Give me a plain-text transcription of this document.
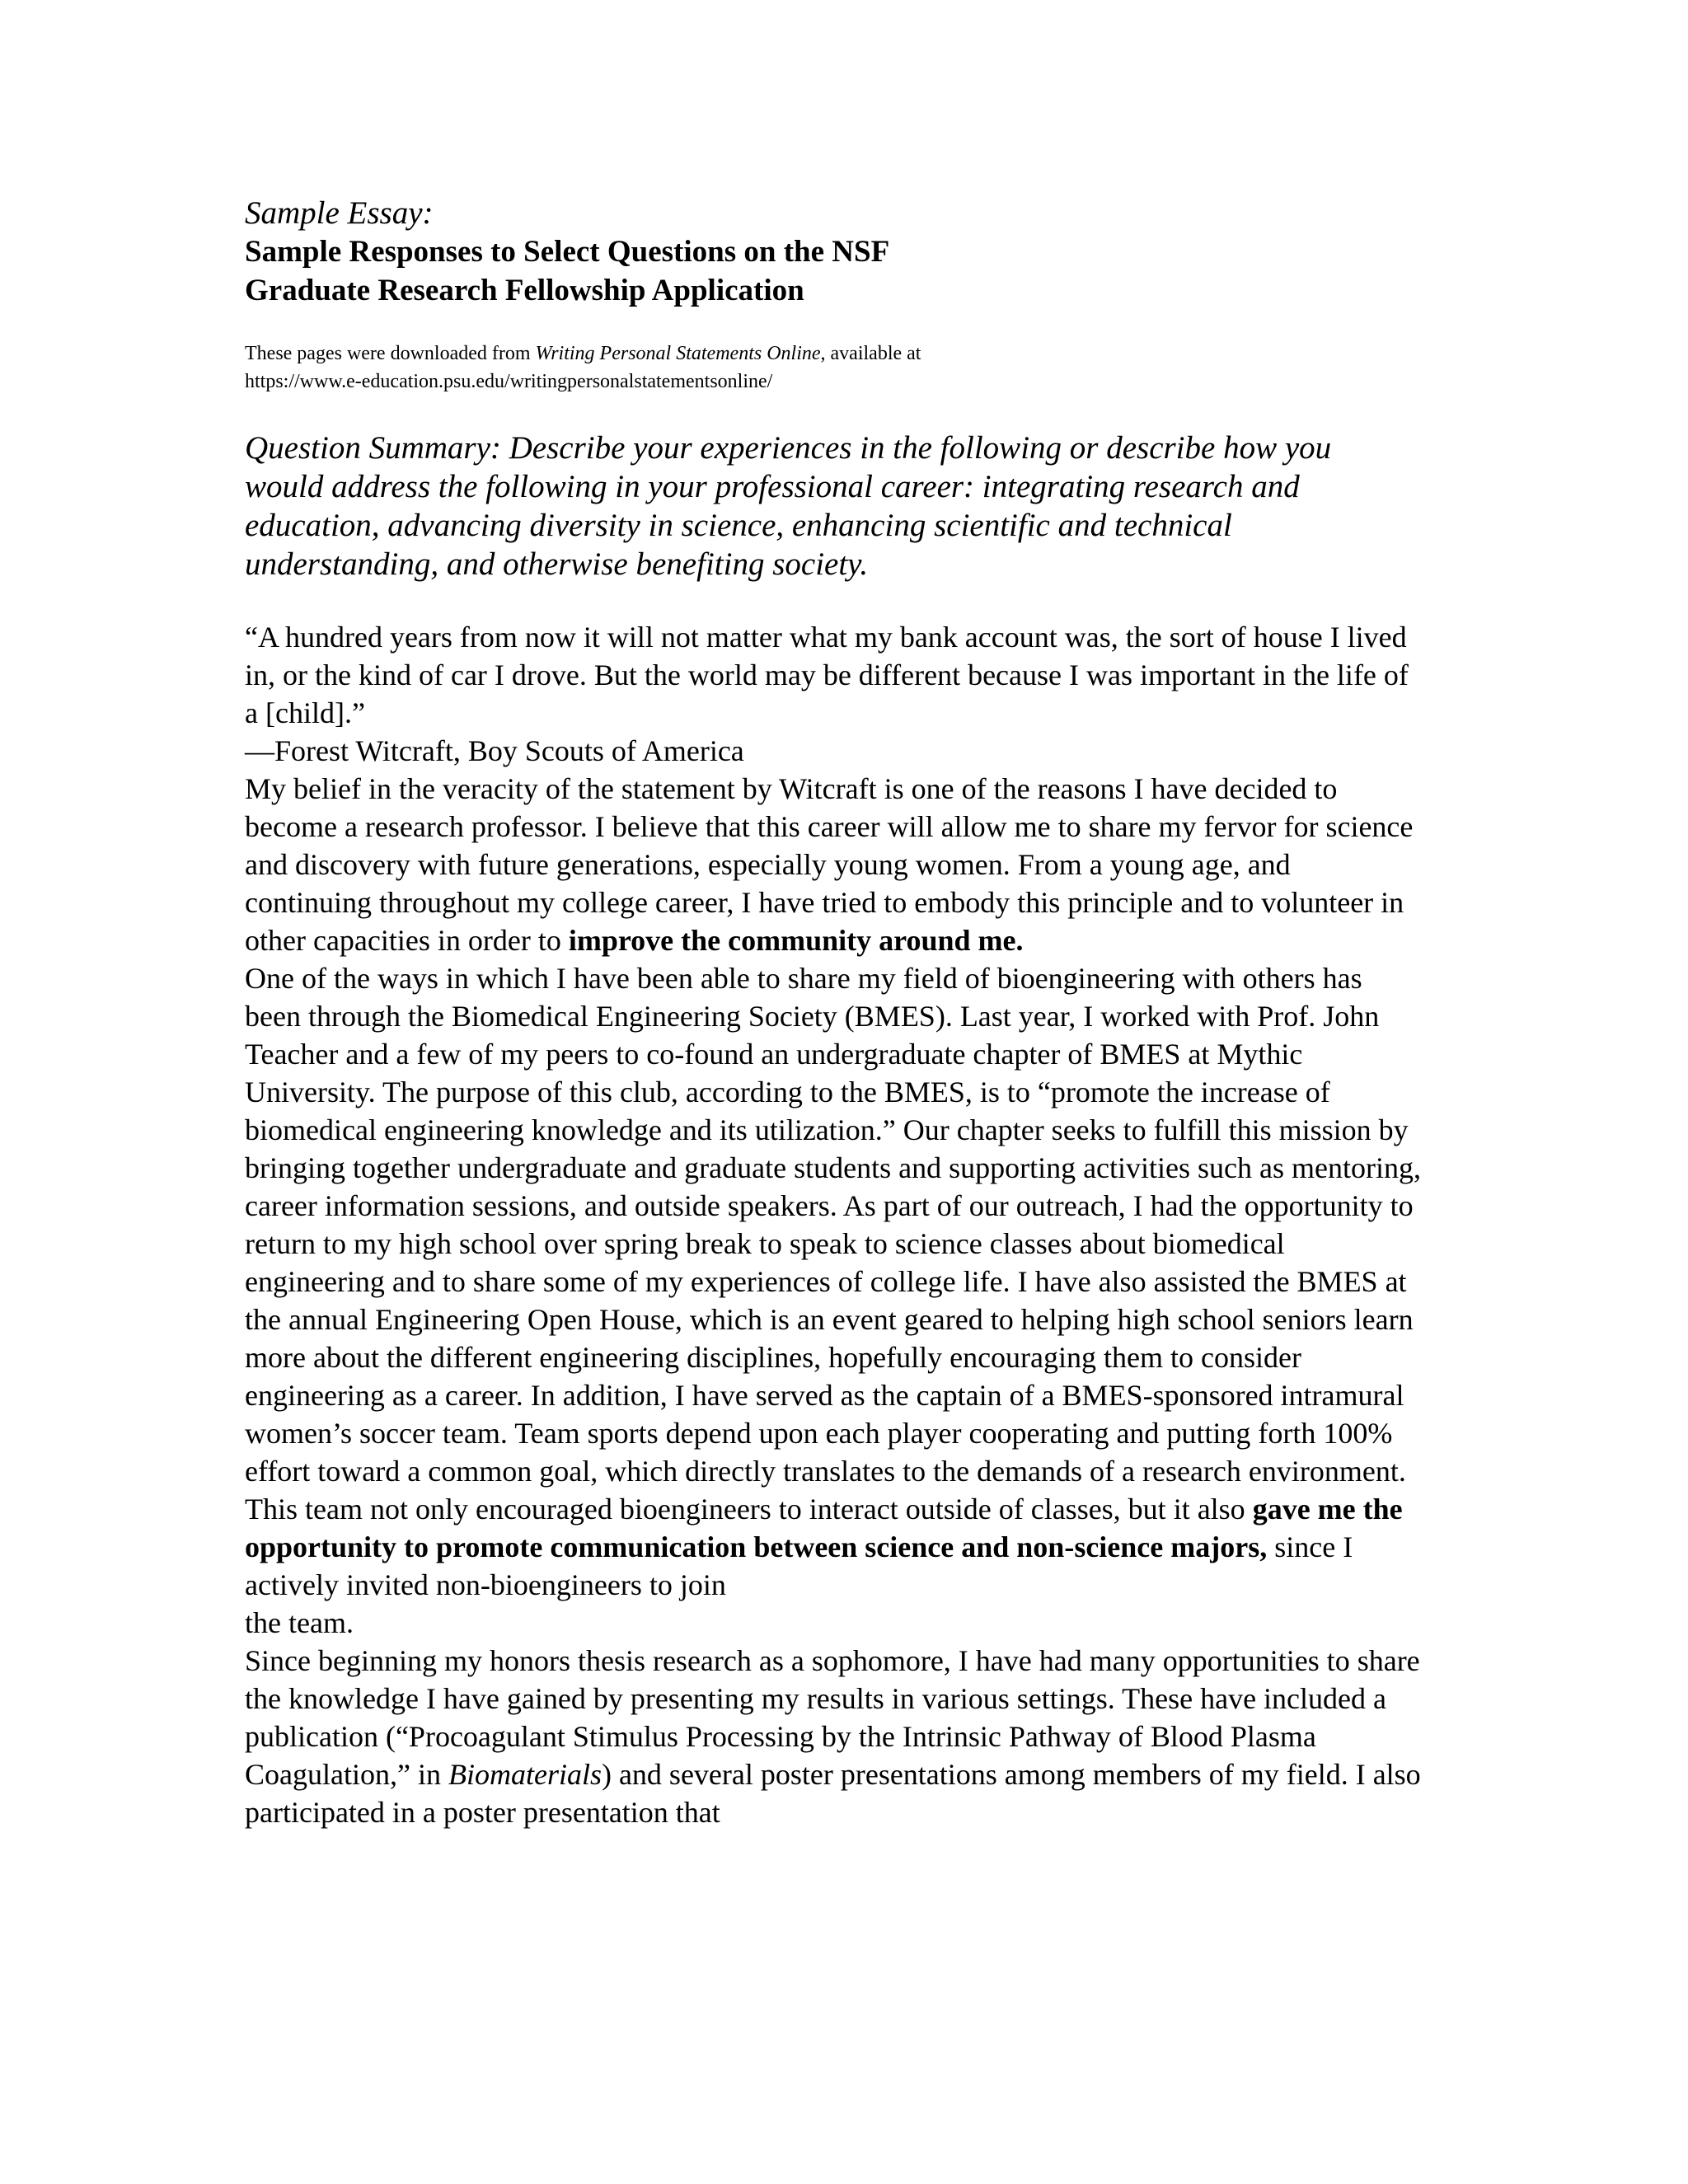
Sample Essay:

Sample Responses to Select Questions on the NSF
Graduate Research Fellowship Application
These pages were downloaded from Writing Personal Statements Online, available at
https://www.e-education.psu.edu/writingpersonalstatementsonline/
Question Summary: Describe your experiences in the following or describe how you would address the following in your professional career: integrating research and education, advancing diversity in science, enhancing scientific and technical understanding, and otherwise benefiting society.

“A hundred years from now it will not matter what my bank account was, the sort of house I lived in, or the kind of car I drove. But the world may be different because I was important in the life of a [child].”

—Forest Witcraft, Boy Scouts of America

My belief in the veracity of the statement by Witcraft is one of the reasons I have decided to become a research professor. I believe that this career will allow me to share my fervor for science and discovery with future generations, especially young women. From a young age, and continuing throughout my college career, I have tried to embody this principle and to volunteer in other capacities in order to improve the community around me.

One of the ways in which I have been able to share my field of bioengineering with others has been through the Biomedical Engineering Society (BMES). Last year, I worked with Prof. John Teacher and a few of my peers to co-found an undergraduate chapter of BMES at Mythic University. The purpose of this club, according to the BMES, is to “promote the increase of biomedical engineering knowledge and its utilization.” Our chapter seeks to fulfill this mission by bringing together undergraduate and graduate students and supporting activities such as mentoring, career information sessions, and outside speakers. As part of our outreach, I had the opportunity to return to my high school over spring break to speak to science classes about biomedical engineering and to share some of my experiences of college life. I have also assisted the BMES at the annual Engineering Open House, which is an event geared to helping high school seniors learn more about the different engineering disciplines, hopefully encouraging them to consider engineering as a career. In addition, I have served as the captain of a BMES-sponsored intramural women’s soccer team. Team sports depend upon each player cooperating and putting forth 100% effort toward a common goal, which directly translates to the demands of a research environment. This team not only encouraged bioengineers to interact outside of classes, but it also gave me the opportunity to promote communication between science and non-science majors, since I actively invited non-bioengineers to join
the team.

Since beginning my honors thesis research as a sophomore, I have had many opportunities to share the knowledge I have gained by presenting my results in various settings. These have included a publication (“Procoagulant Stimulus Processing by the Intrinsic Pathway of Blood Plasma Coagulation,” in Biomaterials) and several poster presentations among members of my field. I also participated in a poster presentation that
